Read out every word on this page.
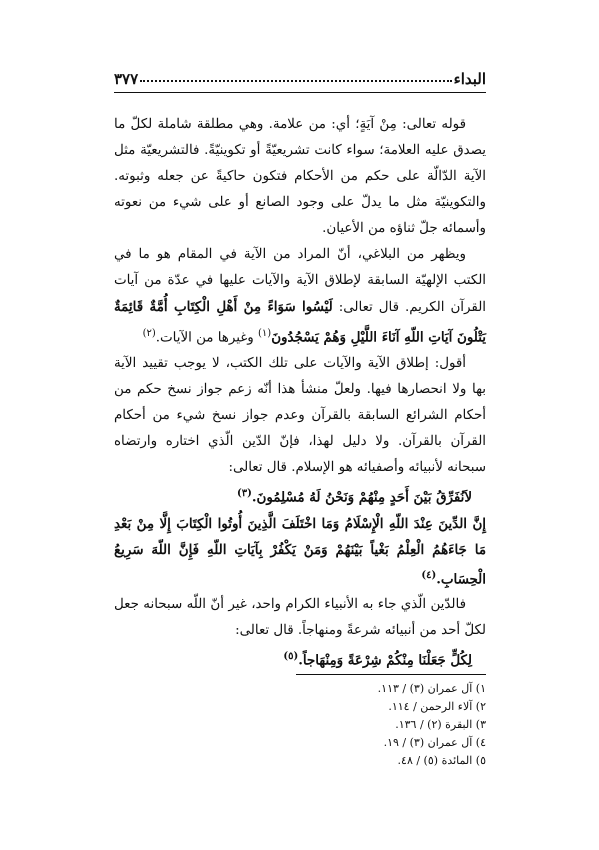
البداء
٣٧٧

قوله تعالى: مِنْ آيَةٍ؛ أي: من علامة. وهي مطلقة شاملة لكلّ ما يصدق عليه العلامة؛ سواء كانت تشريعيّةً أو تكوينيّةً. فالتشريعيّة مثل الآية الدّالّة على حكم من الأحكام فتكون حاكيةً عن جعله وثبوته. والتكوينيّة مثل ما يدلّ على وجود الصانع أو على شيء من نعوته وأسمائه جلّ ثناؤه من الأعيان.

ويظهر من البلاغي، أنّ المراد من الآية في المقام هو ما في الكتب الإلهيّة السابقة لإطلاق الآية والآيات عليها في عدّة من آيات القرآن الكريم. قال تعالى: لَيْسُوا سَوَاءً مِنْ أَهْلِ الْكِتَابِ أُمَّةٌ قَائِمَةٌ يَتْلُونَ آيَاتِ اللّهِ آنَاءَ اللَّيْلِ وَهُمْ يَسْجُدُونَ$^{(١)}$ وغيرها من الآيات.$^{(٢)}$

أقول: إطلاق الآية والآيات على تلك الكتب، لا يوجب تقييد الآية بها ولا انحصارها فيها. ولعلّ منشأ هذا أنّه زعم جواز نسخ حكم من أحكام الشرائع السابقة بالقرآن وعدم جواز نسخ شيء من أحكام القرآن بالقرآن. ولا دليل لهذا، فإنّ الدّين الّذي اختاره وارتضاه سبحانه لأنبيائه وأصفيائه هو الإسلام. قال تعالى:

لاَنُفَرِّقُ بَيْنَ أَحَدٍ مِنْهُمْ وَنَحْنُ لَهُ مُسْلِمُونَ.$^{(٣)}$

إِنَّ الدِّينَ عِنْدَ اللّهِ الْإِسْلَامُ وَمَا اخْتَلَفَ الَّذِينَ أُوتُوا الْكِتَابَ إِلَّا مِنْ بَعْدِ مَا جَاءَهُمُ الْعِلْمُ بَغْياً بَيْنَهُمْ وَمَنْ يَكْفُرْ بِآيَاتِ اللّهِ فَإِنَّ اللّهَ سَرِيعُ الْحِسَابِ.$^{(٤)}$

فالدّين الّذي جاء به الأنبياء الكرام واحد، غير أنّ اللّه سبحانه جعل لكلّ أحد من أنبيائه شرعةً ومنهاجاً. قال تعالى:

لِكُلٍّ جَعَلْنَا مِنْكُمْ شِرْعَةً وَمِنْهَاجاً.$^{(٥)}$

١) آل عمران (٣) / ١١٣.
٢) آلاء الرحمن / ١١٤.
٣) البقرة (٢) / ١٣٦.
٤) آل عمران (٣) / ١٩.
٥) المائدة (٥) / ٤٨.
